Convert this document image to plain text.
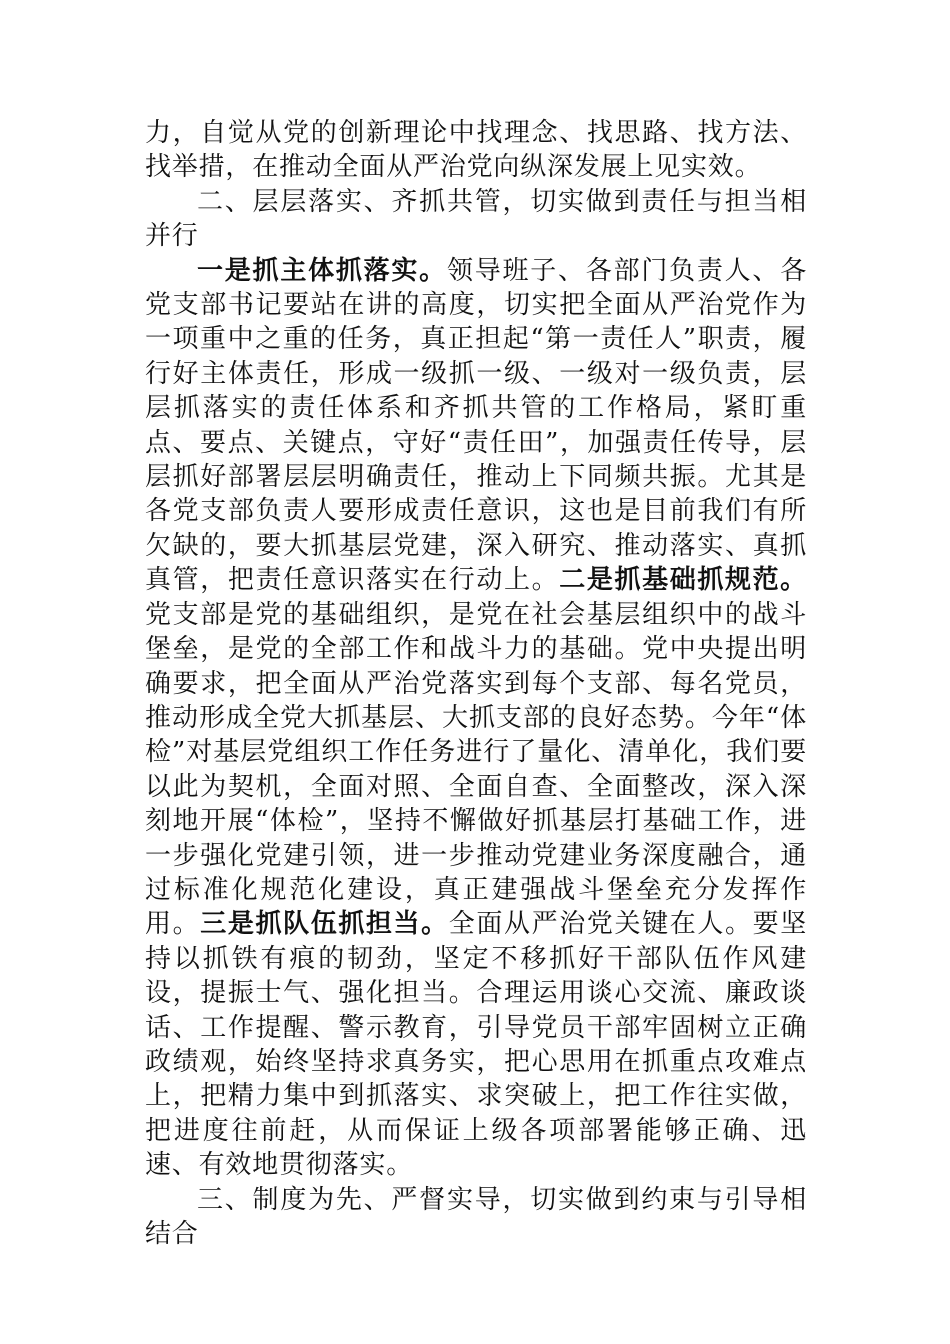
力，自觉从党的创新理论中找理念、找思路、找方法、找举措，在推动全面从严治党向纵深发展上见实效。

二、层层落实、齐抓共管，切实做到责任与担当相并行

一是抓主体抓落实。领导班子、各部门负责人、各党支部书记要站在讲的高度，切实把全面从严治党作为一项重中之重的任务，真正担起“第一责任人”职责，履行好主体责任，形成一级抓一级、一级对一级负责，层层抓落实的责任体系和齐抓共管的工作格局，紧盯重点、要点、关键点，守好“责任田”，加强责任传导，层层抓好部署层层明确责任，推动上下同频共振。尤其是各党支部负责人要形成责任意识，这也是目前我们有所欠缺的，要大抓基层党建，深入研究、推动落实、真抓真管，把责任意识落实在行动上。二是抓基础抓规范。党支部是党的基础组织，是党在社会基层组织中的战斗堡垒，是党的全部工作和战斗力的基础。党中央提出明确要求，把全面从严治党落实到每个支部、每名党员，推动形成全党大抓基层、大抓支部的良好态势。今年“体检”对基层党组织工作任务进行了量化、清单化，我们要以此为契机，全面对照、全面自查、全面整改，深入深刻地开展“体检”，坚持不懈做好抓基层打基础工作，进一步强化党建引领，进一步推动党建业务深度融合，通过标准化规范化建设，真正建强战斗堡垒充分发挥作用。三是抓队伍抓担当。全面从严治党关键在人。要坚持以抓铁有痕的韧劲，坚定不移抓好干部队伍作风建设，提振士气、强化担当。合理运用谈心交流、廉政谈话、工作提醒、警示教育，引导党员干部牢固树立正确政绩观，始终坚持求真务实，把心思用在抓重点攻难点上，把精力集中到抓落实、求突破上，把工作往实做，把进度往前赶，从而保证上级各项部署能够正确、迅速、有效地贯彻落实。

三、制度为先、严督实导，切实做到约束与引导相结合
